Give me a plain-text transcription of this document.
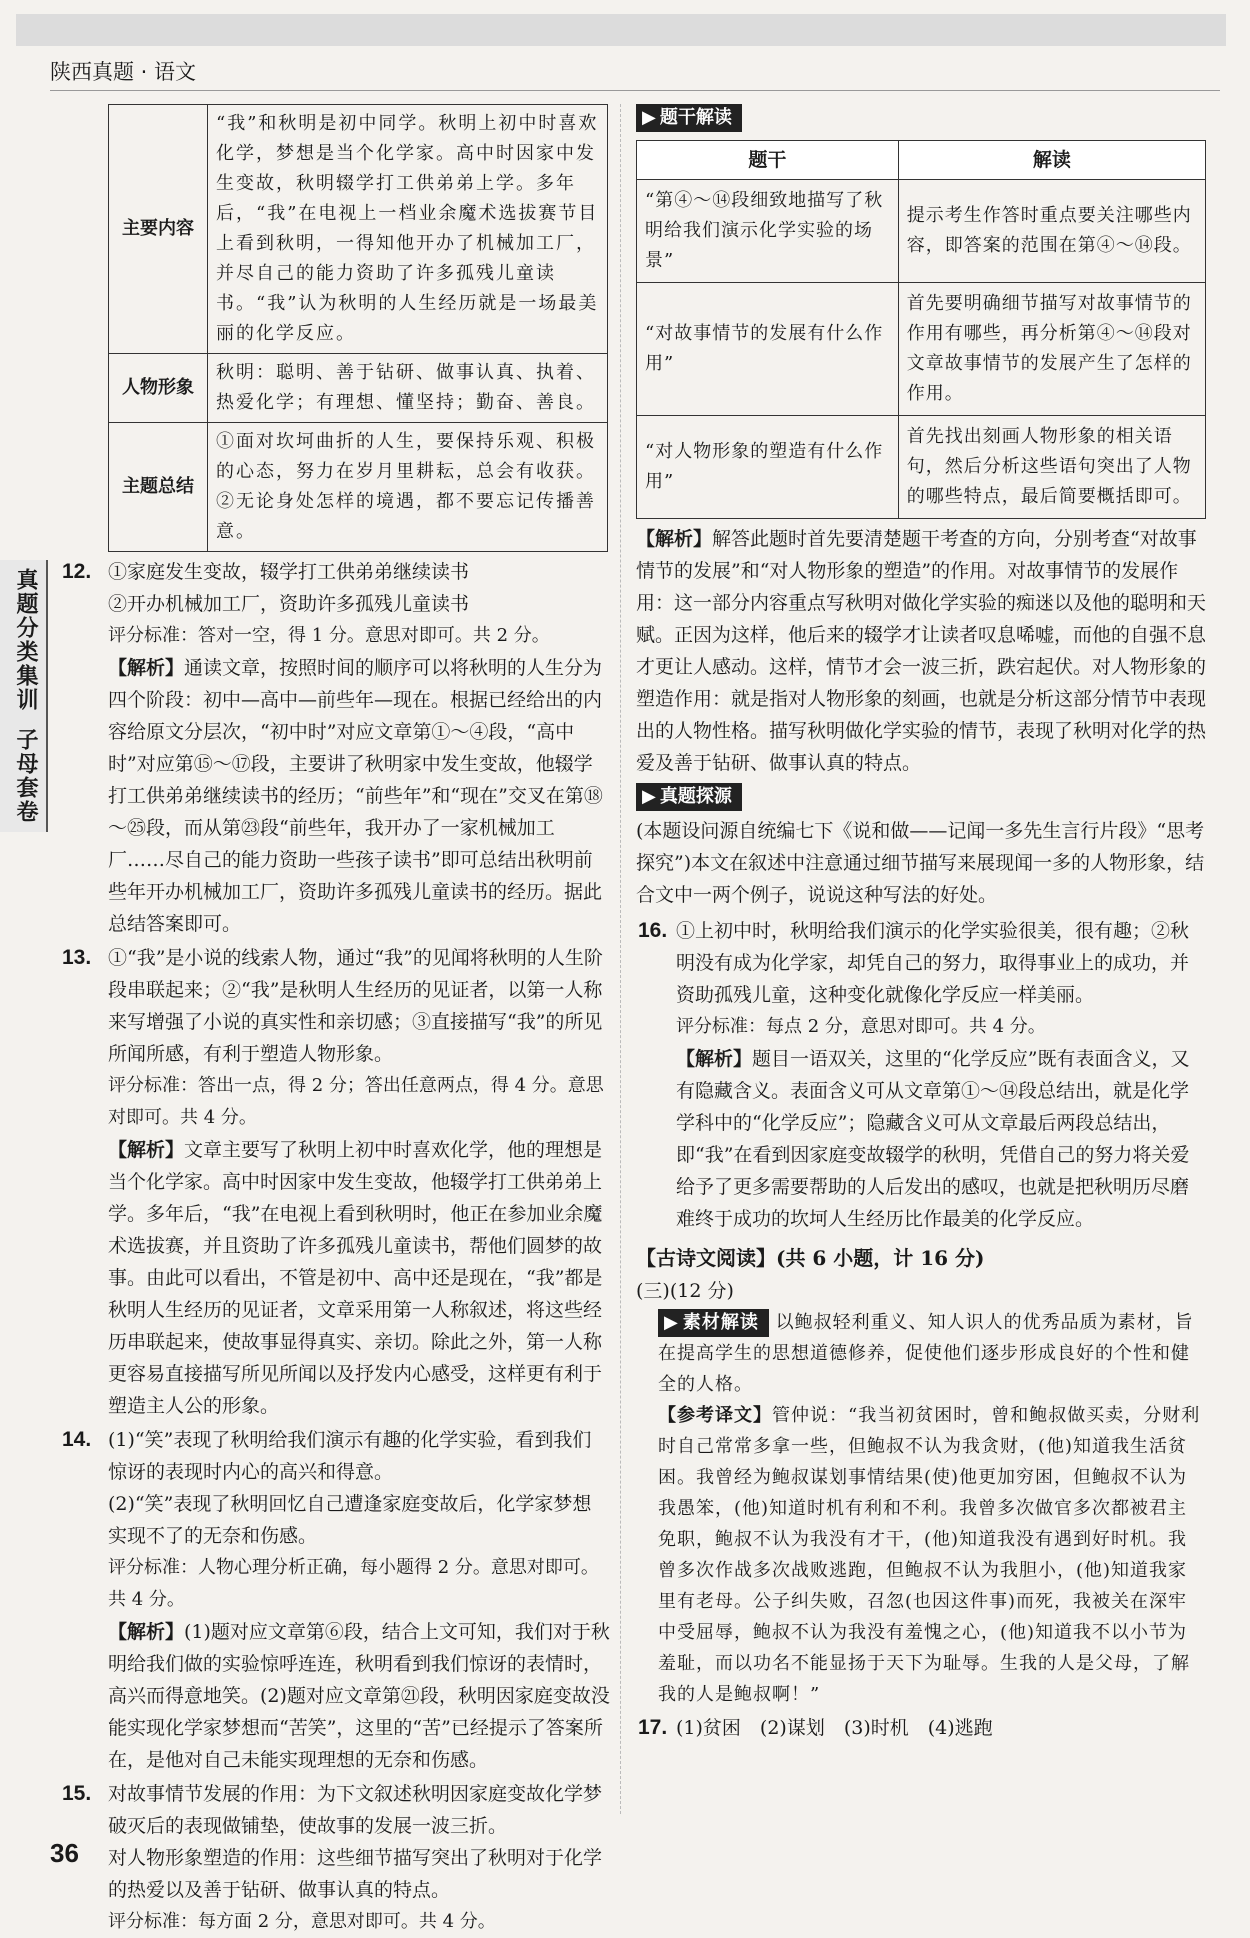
陕西真题 · 语文
真题分类集训
子母套卷
主要内容	“我”和秋明是初中同学。秋明上初中时喜欢化学，梦想是当个化学家。高中时因家中发生变故，秋明辍学打工供弟弟上学。多年后，“我”在电视上一档业余魔术选拔赛节目上看到秋明，一得知他开办了机械加工厂，并尽自己的能力资助了许多孤残儿童读书。“我”认为秋明的人生经历就是一场最美丽的化学反应。
人物形象	秋明：聪明、善于钻研、做事认真、执着、热爱化学；有理想、懂坚持；勤奋、善良。
主题总结	①面对坎坷曲折的人生，要保持乐观、积极的心态，努力在岁月里耕耘，总会有收获。②无论身处怎样的境遇，都不要忘记传播善意。
12. ①家庭发生变故，辍学打工供弟弟继续读书

②开办机械加工厂，资助许多孤残儿童读书

评分标准：答对一空，得 1 分。意思对即可。共 2 分。

【解析】通读文章，按照时间的顺序可以将秋明的人生分为四个阶段：初中—高中—前些年—现在。根据已经给出的内容给原文分层次，“初中时”对应文章第①～④段，“高中时”对应第⑮～⑰段，主要讲了秋明家中发生变故，他辍学打工供弟弟继续读书的经历；“前些年”和“现在”交叉在第⑱～㉕段，而从第㉓段“前些年，我开办了一家机械加工厂……尽自己的能力资助一些孩子读书”即可总结出秋明前些年开办机械加工厂，资助许多孤残儿童读书的经历。据此总结答案即可。

13. ①“我”是小说的线索人物，通过“我”的见闻将秋明的人生阶段串联起来；②“我”是秋明人生经历的见证者，以第一人称来写增强了小说的真实性和亲切感；③直接描写“我”的所见所闻所感，有利于塑造人物形象。

评分标准：答出一点，得 2 分；答出任意两点，得 4 分。意思对即可。共 4 分。

【解析】文章主要写了秋明上初中时喜欢化学，他的理想是当个化学家。高中时因家中发生变故，他辍学打工供弟弟上学。多年后，“我”在电视上看到秋明时，他正在参加业余魔术选拔赛，并且资助了许多孤残儿童读书，帮他们圆梦的故事。由此可以看出，不管是初中、高中还是现在，“我”都是秋明人生经历的见证者，文章采用第一人称叙述，将这些经历串联起来，使故事显得真实、亲切。除此之外，第一人称更容易直接描写所见所闻以及抒发内心感受，这样更有利于塑造主人公的形象。

14. (1)“笑”表现了秋明给我们演示有趣的化学实验，看到我们惊讶的表现时内心的高兴和得意。

(2)“笑”表现了秋明回忆自己遭逢家庭变故后，化学家梦想实现不了的无奈和伤感。

评分标准：人物心理分析正确，每小题得 2 分。意思对即可。共 4 分。

【解析】(1)题对应文章第⑥段，结合上文可知，我们对于秋明给我们做的实验惊呼连连，秋明看到我们惊讶的表情时，高兴而得意地笑。(2)题对应文章第㉑段，秋明因家庭变故没能实现化学家梦想而“苦笑”，这里的“苦”已经提示了答案所在，是他对自己未能实现理想的无奈和伤感。

15. 对故事情节发展的作用：为下文叙述秋明因家庭变故化学梦破灭后的表现做铺垫，使故事的发展一波三折。

对人物形象塑造的作用：这些细节描写突出了秋明对于化学的热爱以及善于钻研、做事认真的特点。

评分标准：每方面 2 分，意思对即可。共 4 分。

▶ 题干解读
题干	解读
“第④～⑭段细致地描写了秋明给我们演示化学实验的场景”	提示考生作答时重点要关注哪些内容，即答案的范围在第④～⑭段。
“对故事情节的发展有什么作用”	首先要明确细节描写对故事情节的作用有哪些，再分析第④～⑭段对文章故事情节的发展产生了怎样的作用。
“对人物形象的塑造有什么作用”	首先找出刻画人物形象的相关语句，然后分析这些语句突出了人物的哪些特点，最后简要概括即可。

【解析】解答此题时首先要清楚题干考查的方向，分别考查“对故事情节的发展”和“对人物形象的塑造”的作用。对故事情节的发展作用：这一部分内容重点写秋明对做化学实验的痴迷以及他的聪明和天赋。正因为这样，他后来的辍学才让读者叹息唏嘘，而他的自强不息才更让人感动。这样，情节才会一波三折，跌宕起伏。对人物形象的塑造作用：就是指对人物形象的刻画，也就是分析这部分情节中表现出的人物性格。描写秋明做化学实验的情节，表现了秋明对化学的热爱及善于钻研、做事认真的特点。

▶ 真题探源

(本题设问源自统编七下《说和做——记闻一多先生言行片段》“思考探究”)本文在叙述中注意通过细节描写来展现闻一多的人物形象，结合文中一两个例子，说说这种写法的好处。

16. ①上初中时，秋明给我们演示的化学实验很美，很有趣；②秋明没有成为化学家，却凭自己的努力，取得事业上的成功，并资助孤残儿童，这种变化就像化学反应一样美丽。

评分标准：每点 2 分，意思对即可。共 4 分。

【解析】题目一语双关，这里的“化学反应”既有表面含义，又有隐藏含义。表面含义可从文章第①～⑭段总结出，就是化学学科中的“化学反应”；隐藏含义可从文章最后两段总结出，即“我”在看到因家庭变故辍学的秋明，凭借自己的努力将关爱给予了更多需要帮助的人后发出的感叹，也就是把秋明历尽磨难终于成功的坎坷人生经历比作最美的化学反应。

【古诗文阅读】(共 6 小题，计 16 分)
(三)(12 分)
▶ 素材解读 以鲍叔轻利重义、知人识人的优秀品质为素材，旨在提高学生的思想道德修养，促使他们逐步形成良好的个性和健全的人格。

【参考译文】管仲说：“我当初贫困时，曾和鲍叔做买卖，分财利时自己常常多拿一些，但鲍叔不认为我贪财，(他)知道我生活贫困。我曾经为鲍叔谋划事情结果(使)他更加穷困，但鲍叔不认为我愚笨，(他)知道时机有利和不利。我曾多次做官多次都被君主免职，鲍叔不认为我没有才干，(他)知道我没有遇到好时机。我曾多次作战多次战败逃跑，但鲍叔不认为我胆小，(他)知道我家里有老母。公子纠失败，召忽(也因这件事)而死，我被关在深牢中受屈辱，鲍叔不认为我没有羞愧之心，(他)知道我不以小节为羞耻，而以功名不能显扬于天下为耻辱。生我的人是父母，了解我的人是鲍叔啊！”

17. (1)贫困　(2)谋划　(3)时机　(4)逃跑

36
